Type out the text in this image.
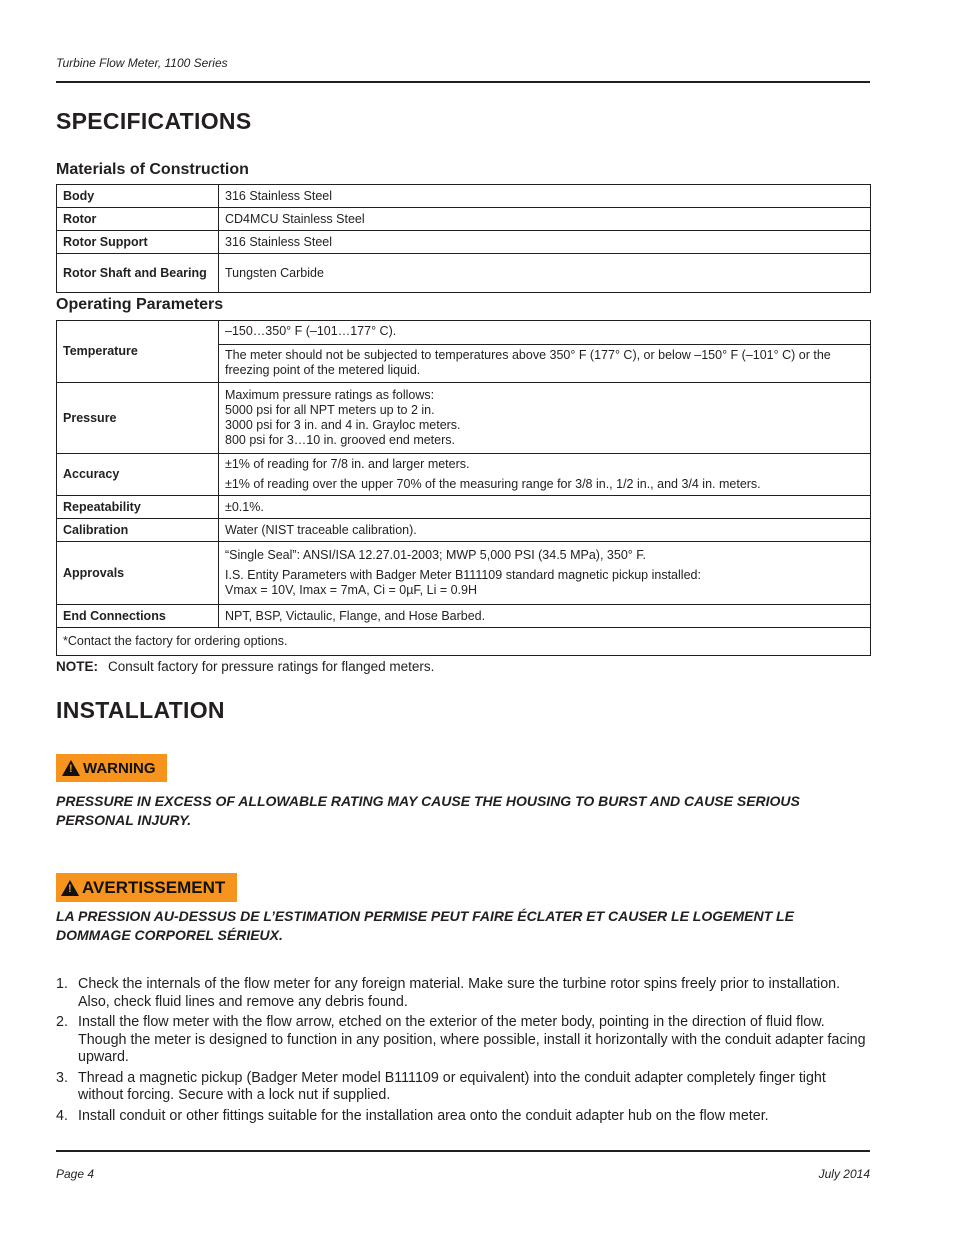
Turbine Flow Meter, 1100 Series
SPECIFICATIONS
Materials of Construction
Body	316 Stainless Steel
Rotor	CD4MCU Stainless Steel
Rotor Support	316 Stainless Steel
Rotor Shaft and Bearing	Tungsten Carbide
Operating Parameters
Temperature	–150…350° F (–101…177° C).
The meter should not be subjected to temperatures above 350° F (177° C), or below –150° F (–101° C) or the freezing point of the metered liquid.

Pressure	Maximum pressure ratings as follows:
5000 psi for all NPT meters up to 2 in.
3000 psi for 3 in. and 4 in. Grayloc meters.
800 psi for 3…10 in. grooved end meters.

Accuracy	±1% of reading for 7/8 in. and larger meters.
±1% of reading over the upper 70% of the measuring range for 3/8 in., 1/2 in., and 3/4 in. meters.

Repeatability	±0.1%.
Calibration	Water (NIST traceable calibration).
Approvals	“Single Seal”: ANSI/ISA 12.27.01-2003; MWP 5,000 PSI (34.5 MPa), 350° F.
I.S. Entity Parameters with Badger Meter B111109 standard magnetic pickup installed:
Vmax = 10V, Imax = 7mA, Ci = 0µF, Li = 0.9H

End Connections	NPT, BSP, Victaulic, Flange, and Hose Barbed.
*Contact the factory for ordering options.	
NOTE: Consult factory for pressure ratings for flanged meters.
INSTALLATION
!
WARNING
PRESSURE IN EXCESS OF ALLOWABLE RATING MAY CAUSE THE HOUSING TO BURST AND CAUSE SERIOUS PERSONAL INJURY.
!
AVERTISSEMENT
LA PRESSION AU-DESSUS DE L’ESTIMATION PERMISE PEUT FAIRE ÉCLATER ET CAUSER LE LOGEMENT LE DOMMAGE CORPOREL SÉRIEUX.
1. Check the internals of the flow meter for any foreign material. Make sure the turbine rotor spins freely prior to installation. Also, check fluid lines and remove any debris found.
2. Install the flow meter with the flow arrow, etched on the exterior of the meter body, pointing in the direction of fluid flow. Though the meter is designed to function in any position, where possible, install it horizontally with the conduit adapter facing upward.
3. Thread a magnetic pickup (Badger Meter model B111109 or equivalent) into the conduit adapter completely finger tight without forcing. Secure with a lock nut if supplied.
4. Install conduit or other fittings suitable for the installation area onto the conduit adapter hub on the flow meter.
Page 4	July 2014
